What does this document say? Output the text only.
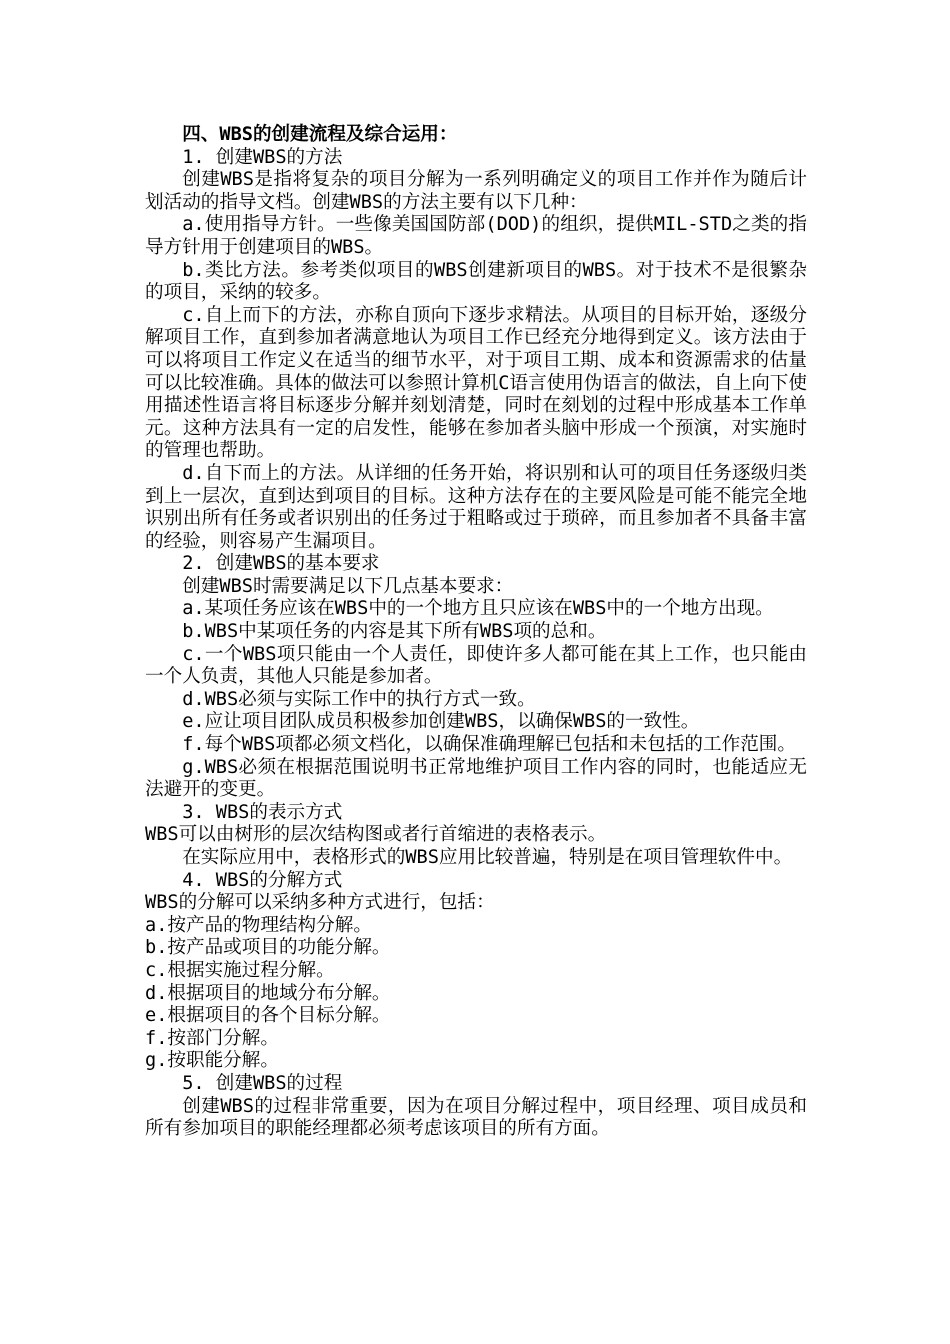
四、WBS的创建流程及综合运用：

1. 创建WBS的方法

创建WBS是指将复杂的项目分解为一系列明确定义的项目工作并作为随后计划活动的指导文档。创建WBS的方法主要有以下几种：

a.使用指导方针。一些像美国国防部(DOD)的组织，提供MIL-STD之类的指导方针用于创建项目的WBS。

b.类比方法。参考类似项目的WBS创建新项目的WBS。对于技术不是很繁杂的项目，采纳的较多。

c.自上而下的方法，亦称自顶向下逐步求精法。从项目的目标开始，逐级分解项目工作，直到参加者满意地认为项目工作已经充分地得到定义。该方法由于可以将项目工作定义在适当的细节水平，对于项目工期、成本和资源需求的估量可以比较准确。具体的做法可以参照计算机C语言使用伪语言的做法，自上向下使用描述性语言将目标逐步分解并刻划清楚，同时在刻划的过程中形成基本工作单元。这种方法具有一定的启发性，能够在参加者头脑中形成一个预演，对实施时的管理也帮助。

d.自下而上的方法。从详细的任务开始，将识别和认可的项目任务逐级归类到上一层次，直到达到项目的目标。这种方法存在的主要风险是可能不能完全地识别出所有任务或者识别出的任务过于粗略或过于琐碎，而且参加者不具备丰富的经验，则容易产生漏项目。

2. 创建WBS的基本要求

创建WBS时需要满足以下几点基本要求：

a.某项任务应该在WBS中的一个地方且只应该在WBS中的一个地方出现。

b.WBS中某项任务的内容是其下所有WBS项的总和。

c.一个WBS项只能由一个人责任，即使许多人都可能在其上工作，也只能由一个人负责，其他人只能是参加者。

d.WBS必须与实际工作中的执行方式一致。

e.应让项目团队成员积极参加创建WBS，以确保WBS的一致性。

f.每个WBS项都必须文档化，以确保准确理解已包括和未包括的工作范围。

g.WBS必须在根据范围说明书正常地维护项目工作内容的同时，也能适应无法避开的变更。

3. WBS的表示方式

WBS可以由树形的层次结构图或者行首缩进的表格表示。

在实际应用中，表格形式的WBS应用比较普遍，特别是在项目管理软件中。

4. WBS的分解方式

WBS的分解可以采纳多种方式进行，包括：

a.按产品的物理结构分解。

b.按产品或项目的功能分解。

c.根据实施过程分解。

d.根据项目的地域分布分解。

e.根据项目的各个目标分解。

f.按部门分解。

g.按职能分解。

5. 创建WBS的过程

创建WBS的过程非常重要，因为在项目分解过程中，项目经理、项目成员和所有参加项目的职能经理都必须考虑该项目的所有方面。
